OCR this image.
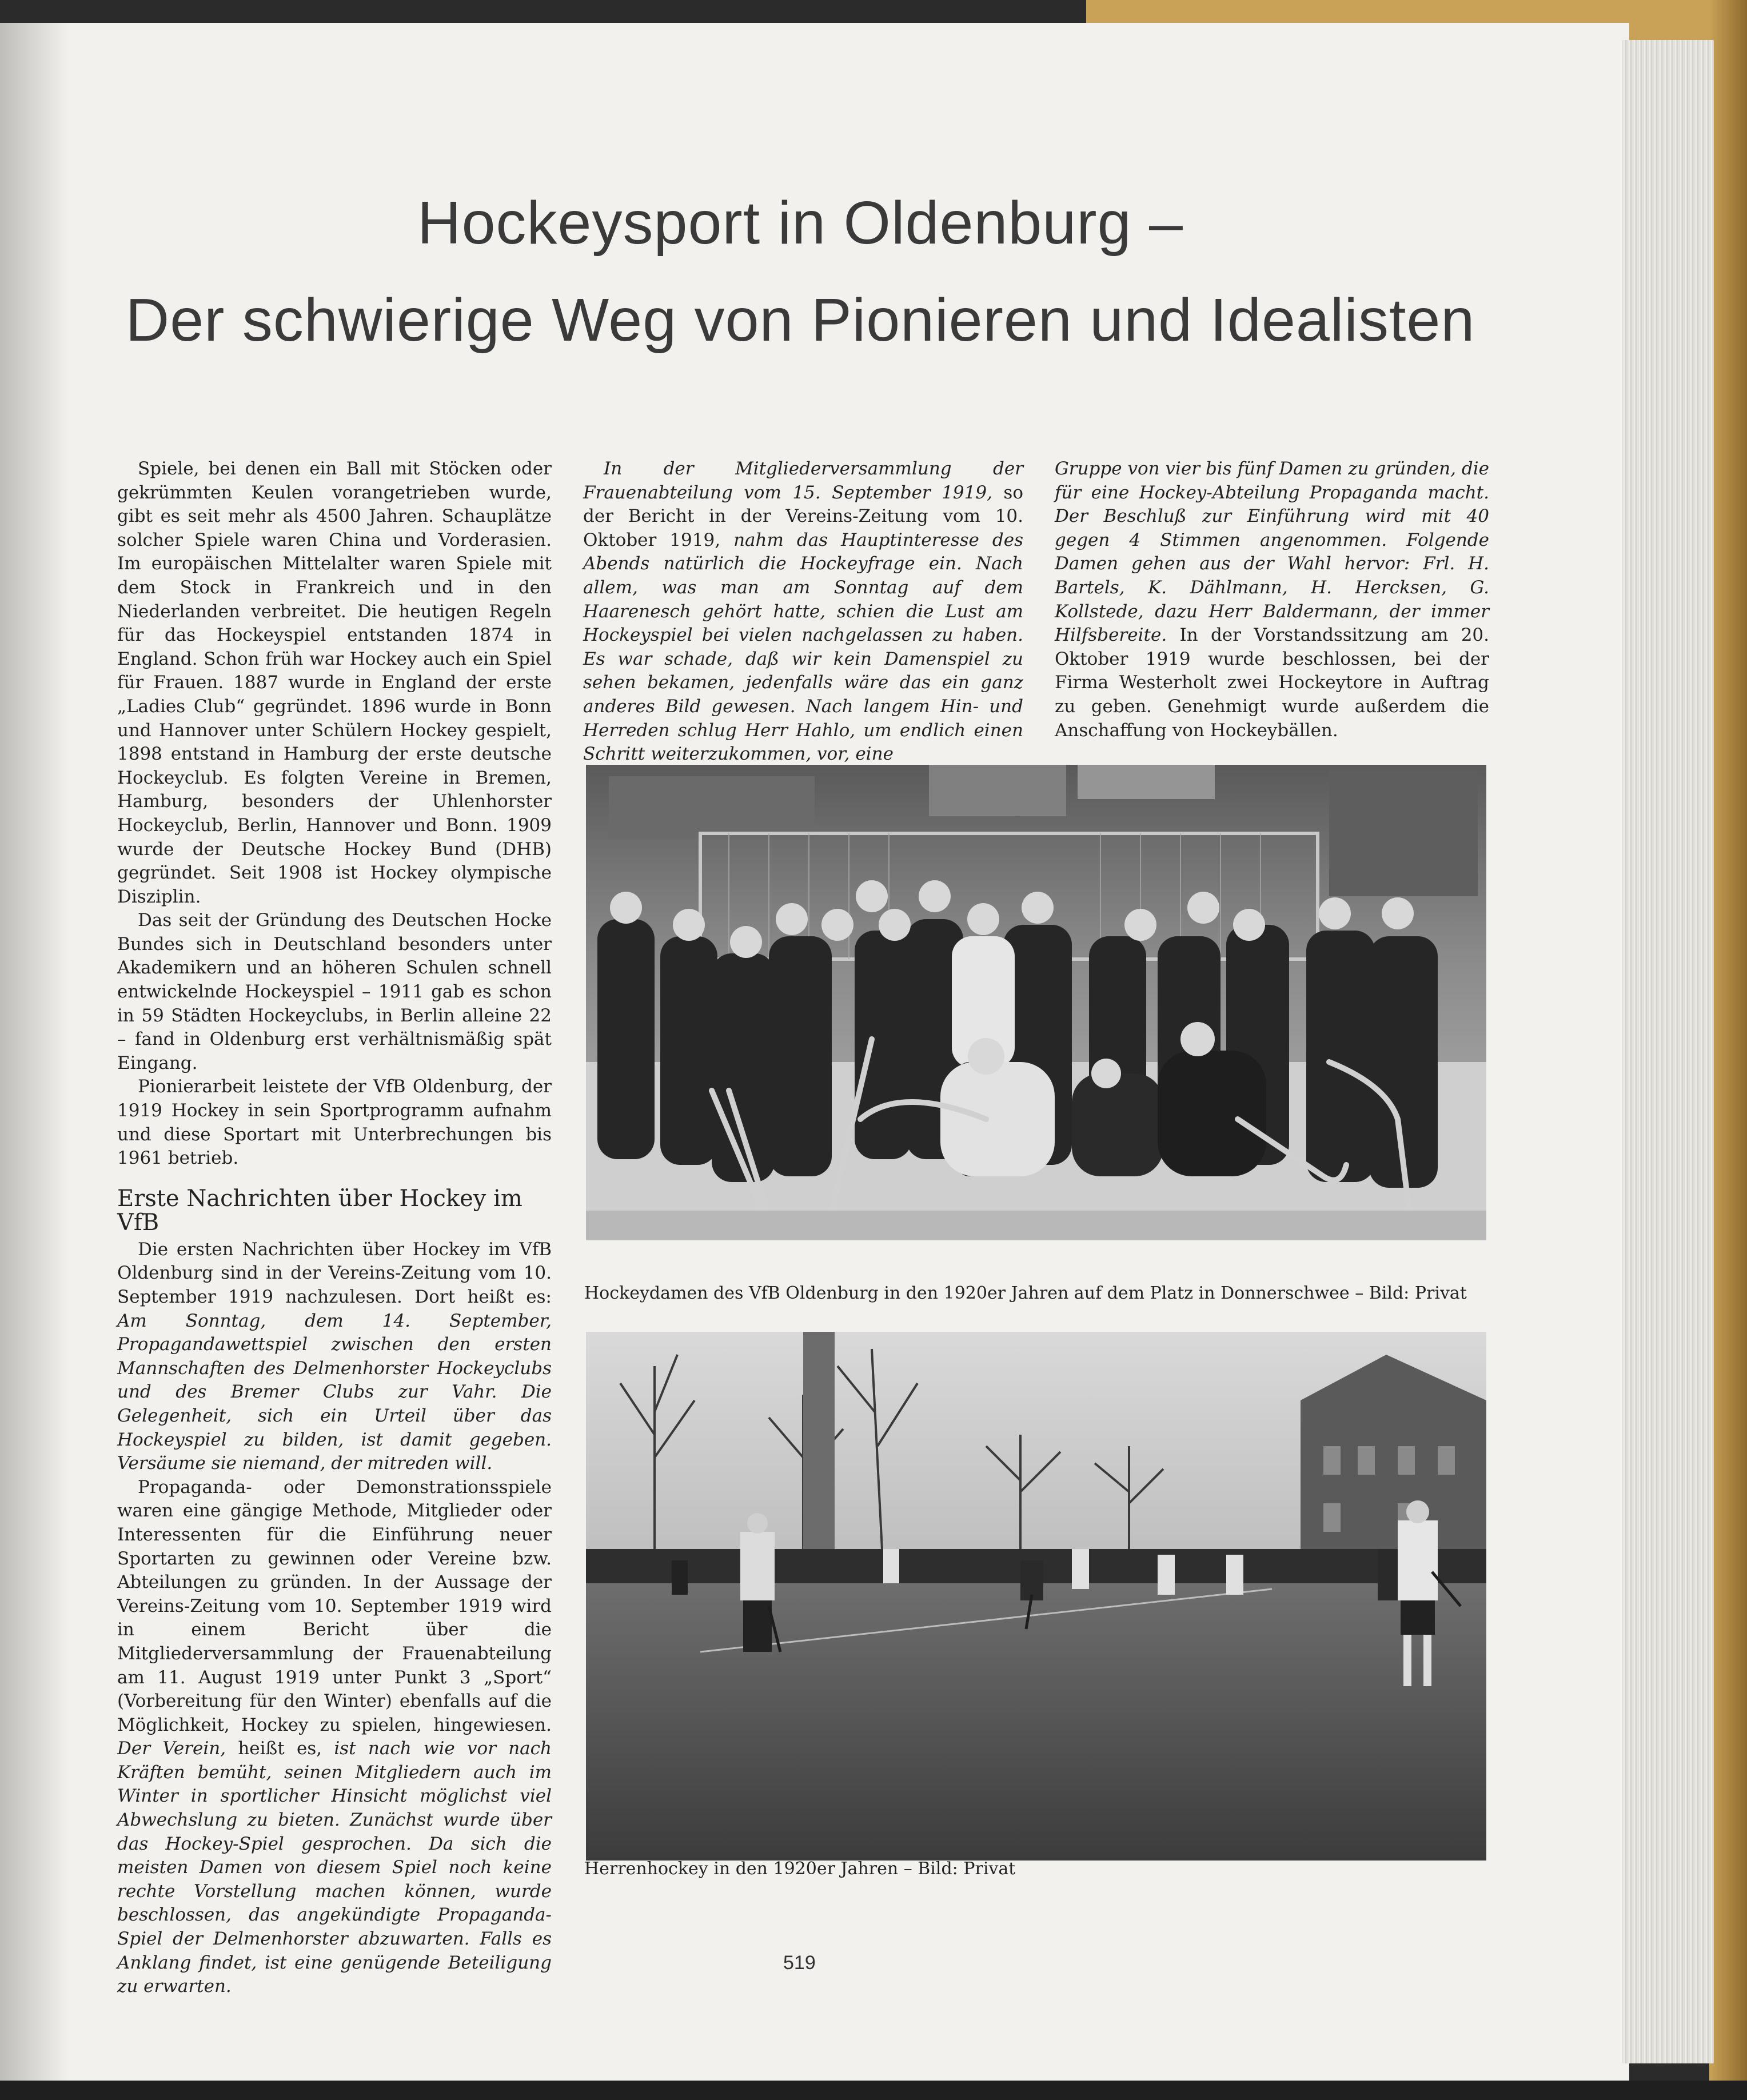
Hockeysport in Oldenburg –
Der schwierige Weg von Pionieren und Idealisten

Spiele, bei denen ein Ball mit Stöcken oder gekrümmten Keulen vorangetrieben wurde, gibt es seit mehr als 4500 Jahren. Schauplätze solcher Spiele waren China und Vorderasien. Im europäischen Mittelalter waren Spiele mit dem Stock in Frankreich und in den Niederlanden verbreitet. Die heutigen Regeln für das Hockeyspiel entstanden 1874 in England. Schon früh war Hockey auch ein Spiel für Frauen. 1887 wurde in England der erste „Ladies Club“ gegründet. 1896 wurde in Bonn und Hannover unter Schülern Hockey gespielt, 1898 entstand in Hamburg der erste deutsche Hockeyclub. Es folgten Vereine in Bremen, Hamburg, besonders der Uhlenhorster Hockeyclub, Berlin, Hannover und Bonn. 1909 wurde der Deutsche Hockey Bund (DHB) gegründet. Seit 1908 ist Hockey olympische Disziplin.

Das seit der Gründung des Deutschen Hocke Bundes sich in Deutschland besonders unter Akademikern und an höheren Schulen schnell entwickelnde Hockeyspiel – 1911 gab es schon in 59 Städten Hockeyclubs, in Berlin alleine 22 – fand in Oldenburg erst verhältnismäßig spät Eingang.

Pionierarbeit leistete der VfB Oldenburg, der 1919 Hockey in sein Sportprogramm aufnahm und diese Sportart mit Unterbrechungen bis 1961 betrieb.

Erste Nachrichten über Hockey im VfB

Die ersten Nachrichten über Hockey im VfB Oldenburg sind in der Vereins-Zeitung vom 10. September 1919 nachzulesen. Dort heißt es: Am Sonntag, dem 14. September, Propagandawettspiel zwischen den ersten Mannschaften des Delmenhorster Hockeyclubs und des Bremer Clubs zur Vahr. Die Gelegenheit, sich ein Urteil über das Hockeyspiel zu bilden, ist damit gegeben. Versäume sie niemand, der mitreden will.

Propaganda- oder Demonstrationsspiele waren eine gängige Methode, Mitglieder oder Interessenten für die Einführung neuer Sportarten zu gewinnen oder Vereine bzw. Abteilungen zu gründen. In der Aussage der Vereins-Zeitung vom 10. September 1919 wird in einem Bericht über die Mitgliederversammlung der Frauenabteilung am 11. August 1919 unter Punkt 3 „Sport“ (Vorbereitung für den Winter) ebenfalls auf die Möglichkeit, Hockey zu spielen, hingewiesen. Der Verein, heißt es, ist nach wie vor nach Kräften bemüht, seinen Mitgliedern auch im Winter in sportlicher Hinsicht möglichst viel Abwechslung zu bieten. Zunächst wurde über das Hockey-Spiel gesprochen. Da sich die meisten Damen von diesem Spiel noch keine rechte Vorstellung machen können, wurde beschlossen, das angekündigte Propaganda-Spiel der Delmenhorster abzuwarten. Falls es Anklang findet, ist eine genügende Beteiligung zu erwarten.

In der Mitgliederversammlung der Frauenabteilung vom 15. September 1919, so der Bericht in der Vereins-Zeitung vom 10. Oktober 1919, nahm das Hauptinteresse des Abends natürlich die Hockeyfrage ein. Nach allem, was man am Sonntag auf dem Haarenesch gehört hatte, schien die Lust am Hockeyspiel bei vielen nachgelassen zu haben. Es war schade, daß wir kein Damenspiel zu sehen bekamen, jedenfalls wäre das ein ganz anderes Bild gewesen. Nach langem Hin- und Herreden schlug Herr Hahlo, um endlich einen Schritt weiterzukommen, vor, eine

Gruppe von vier bis fünf Damen zu gründen, die für eine Hockey-Abteilung Propaganda macht. Der Beschluß zur Einführung wird mit 40 gegen 4 Stimmen angenommen. Folgende Damen gehen aus der Wahl hervor: Frl. H. Bartels, K. Dählmann, H. Hercksen, G. Kollstede, dazu Herr Baldermann, der immer Hilfsbereite. In der Vorstandssitzung am 20. Oktober 1919 wurde beschlossen, bei der Firma Westerholt zwei Hockeytore in Auftrag zu geben. Genehmigt wurde außerdem die Anschaffung von Hockeybällen.

Hockeydamen des VfB Oldenburg in den 1920er Jahren auf dem Platz in Donnerschwee – Bild: Privat
Herrenhockey in den 1920er Jahren – Bild: Privat
519
